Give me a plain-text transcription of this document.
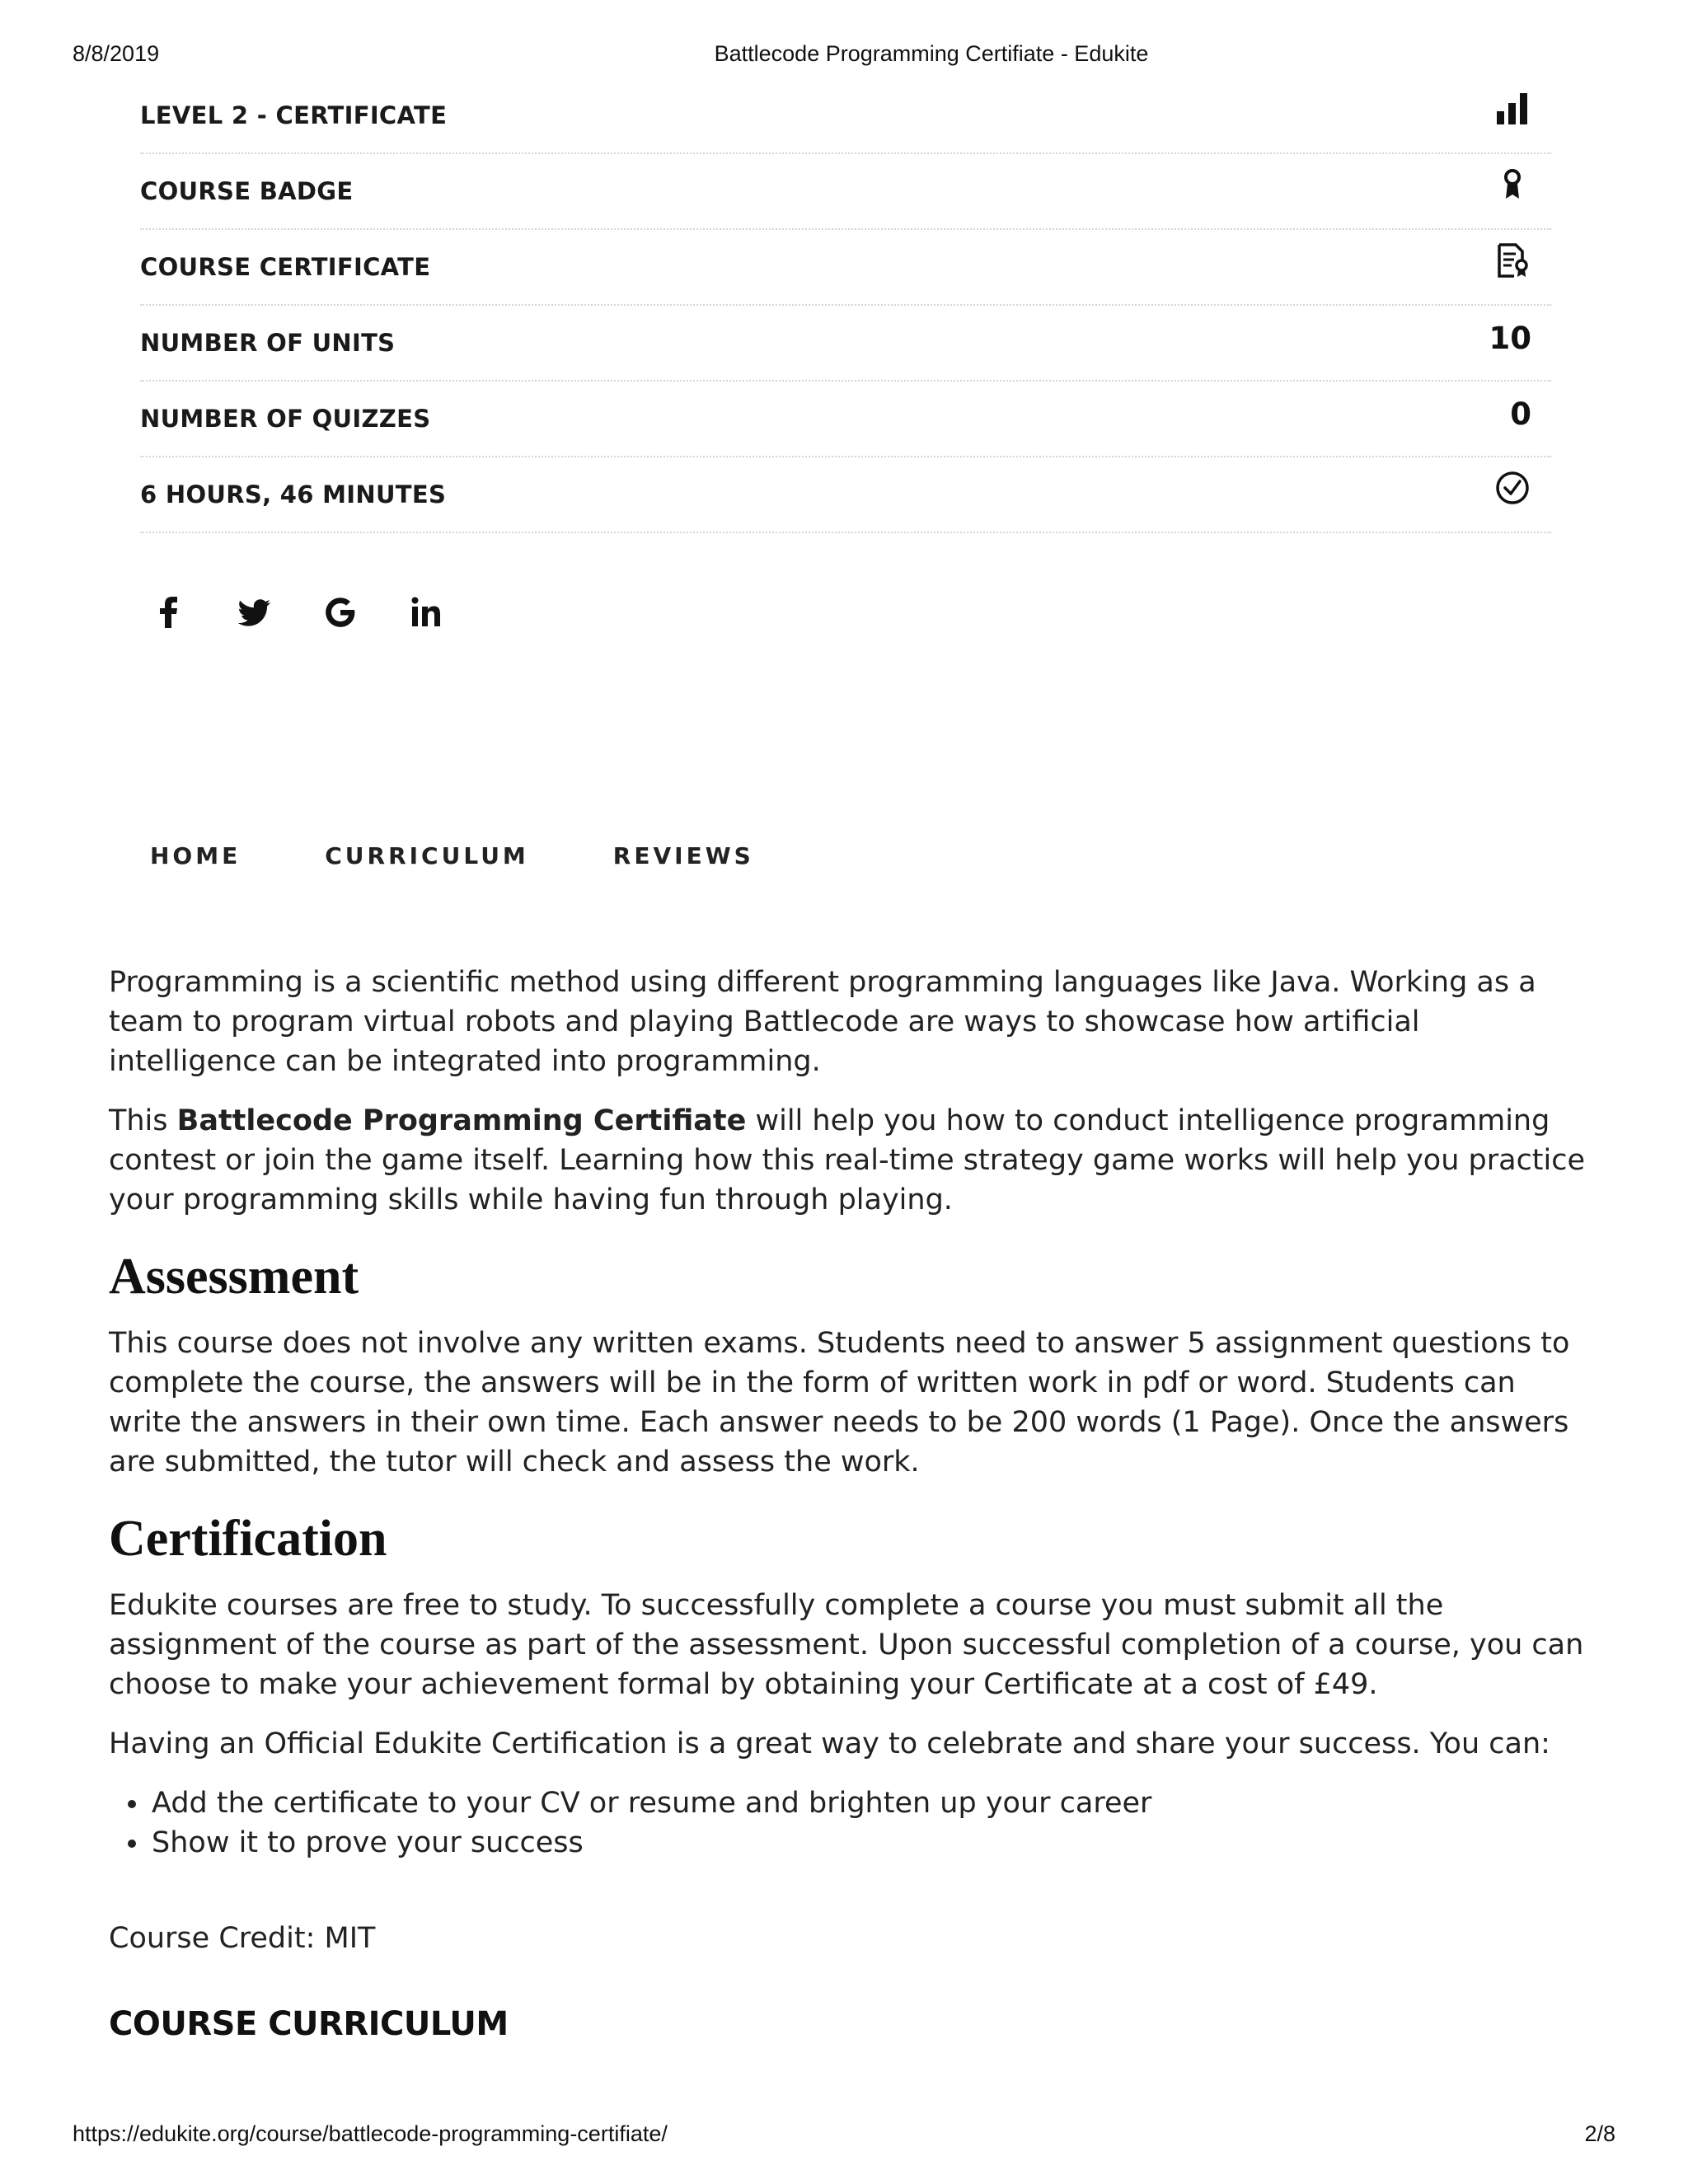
8/8/2019	Battlecode Programming Certifiate - Edukite
LEVEL 2 - CERTIFICATE
COURSE BADGE
COURSE CERTIFICATE
NUMBER OF UNITS	10
NUMBER OF QUIZZES	0
6 HOURS, 46 MINUTES
HOME	CURRICULUM	REVIEWS

Programming is a scientific method using different programming languages like Java. Working as a team to program virtual robots and playing Battlecode are ways to showcase how artificial intelligence can be integrated into programming.

This Battlecode Programming Certifiate will help you how to conduct intelligence programming contest or join the game itself. Learning how this real-time strategy game works will help you practice your programming skills while having fun through playing.

Assessment

This course does not involve any written exams. Students need to answer 5 assignment questions to complete the course, the answers will be in the form of written work in pdf or word. Students can write the answers in their own time. Each answer needs to be 200 words (1 Page). Once the answers are submitted, the tutor will check and assess the work.

Certification

Edukite courses are free to study. To successfully complete a course you must submit all the assignment of the course as part of the assessment. Upon successful completion of a course, you can choose to make your achievement formal by obtaining your Certificate at a cost of £49.

Having an Official Edukite Certification is a great way to celebrate and share your success. You can:

• Add the certificate to your CV or resume and brighten up your career
• Show it to prove your success

Course Credit: MIT

COURSE CURRICULUM
https://edukite.org/course/battlecode-programming-certifiate/	2/8
